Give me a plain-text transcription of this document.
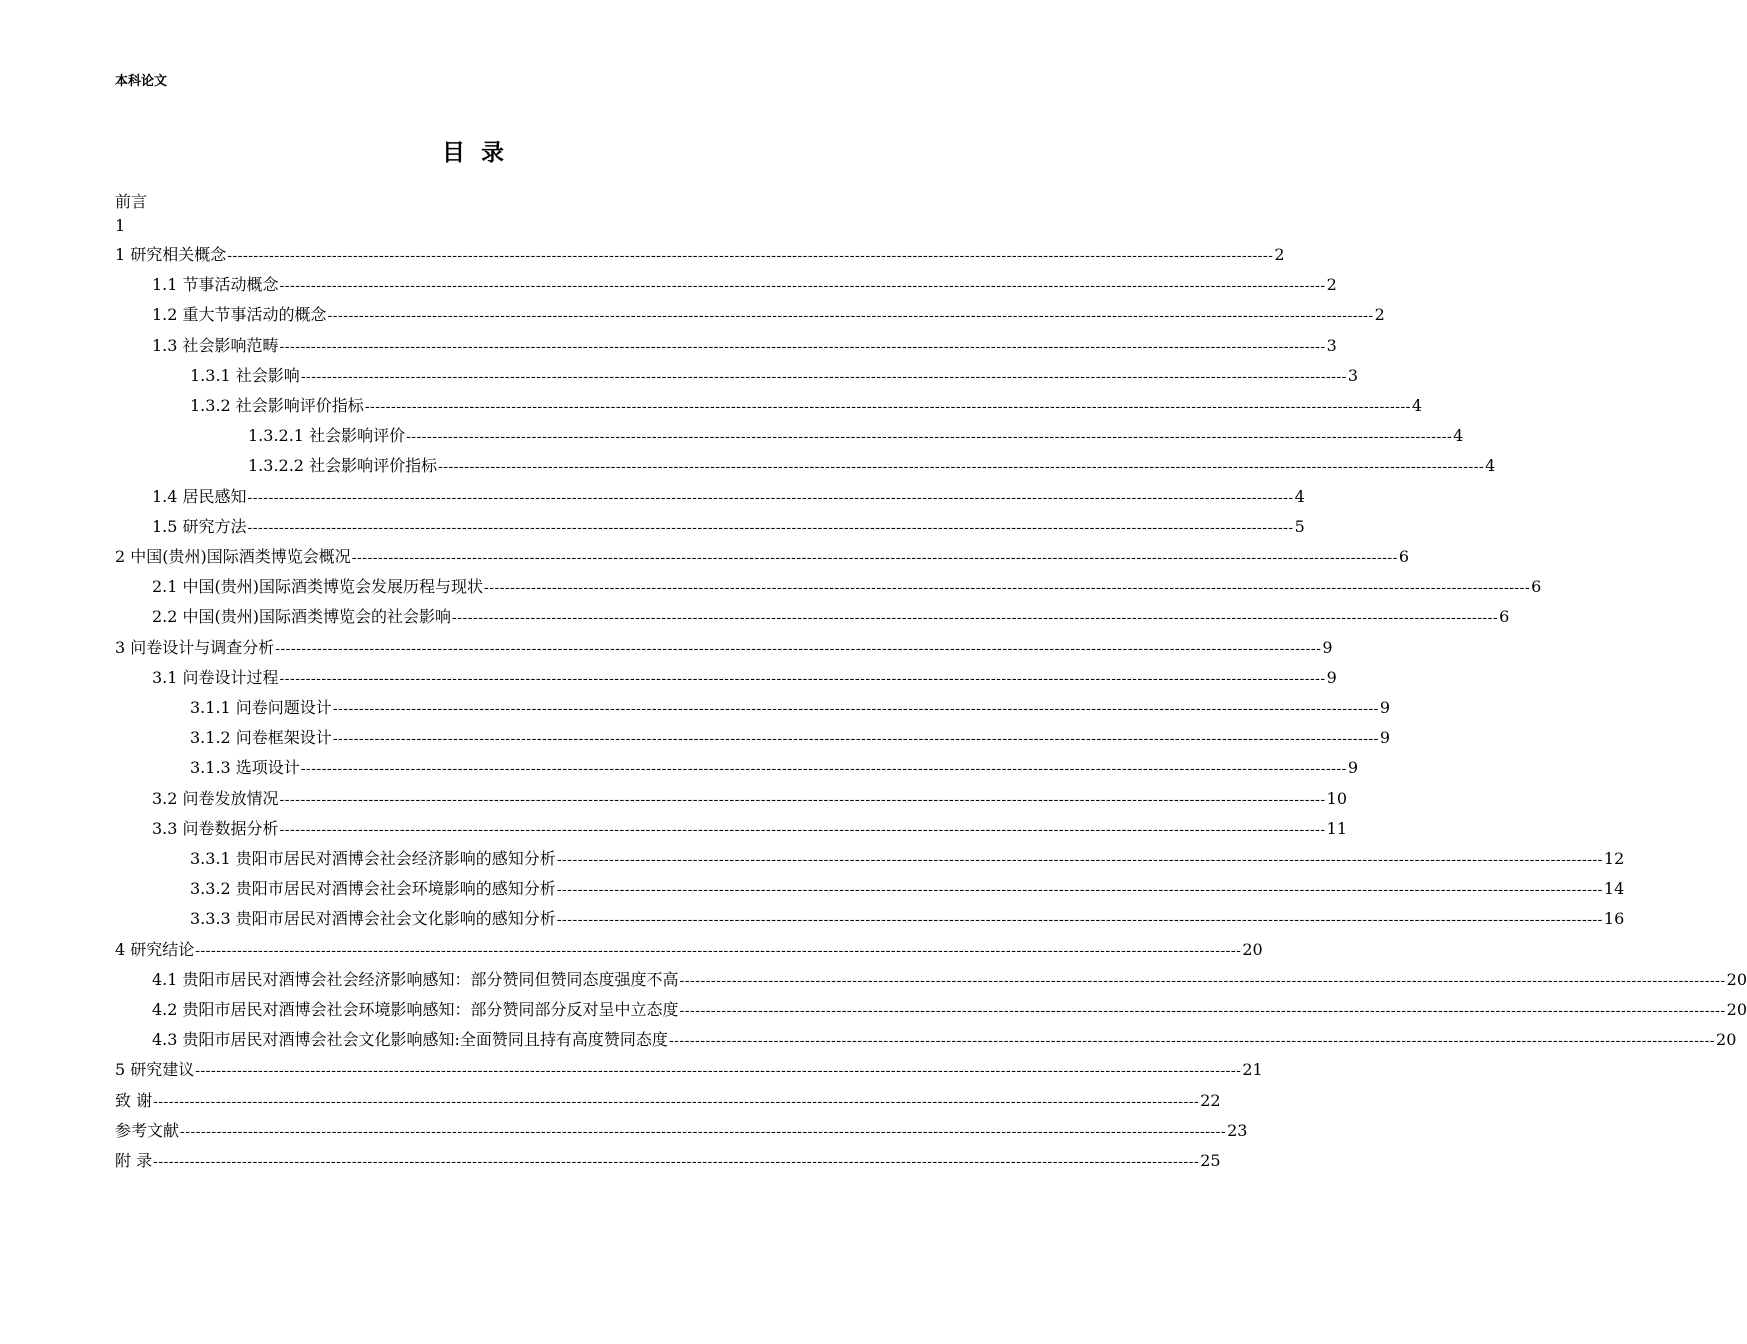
本科论文
目 录
前言
1
1 研究相关概念 -------------------------------------------------------------------------------------------------------------------------------------------------------------------------------------------------------- 2
1.1 节事活动概念 -------------------------------------------------------------------------------------------------------------------------------------------------------------------------------------------------------- 2
1.2 重大节事活动的概念 -------------------------------------------------------------------------------------------------------------------------------------------------------------------------------------------------------- 2
1.3 社会影响范畴 -------------------------------------------------------------------------------------------------------------------------------------------------------------------------------------------------------- 3
1.3.1 社会影响 -------------------------------------------------------------------------------------------------------------------------------------------------------------------------------------------------------- 3
1.3.2 社会影响评价指标 -------------------------------------------------------------------------------------------------------------------------------------------------------------------------------------------------------- 4
1.3.2.1 社会影响评价 -------------------------------------------------------------------------------------------------------------------------------------------------------------------------------------------------------- 4
1.3.2.2 社会影响评价指标 -------------------------------------------------------------------------------------------------------------------------------------------------------------------------------------------------------- 4
1.4 居民感知 -------------------------------------------------------------------------------------------------------------------------------------------------------------------------------------------------------- 4
1.5 研究方法 -------------------------------------------------------------------------------------------------------------------------------------------------------------------------------------------------------- 5
2 中国(贵州)国际酒类博览会概况 -------------------------------------------------------------------------------------------------------------------------------------------------------------------------------------------------------- 6
2.1 中国(贵州)国际酒类博览会发展历程与现状 -------------------------------------------------------------------------------------------------------------------------------------------------------------------------------------------------------- 6
2.2 中国(贵州)国际酒类博览会的社会影响 -------------------------------------------------------------------------------------------------------------------------------------------------------------------------------------------------------- 6
3 问卷设计与调查分析 -------------------------------------------------------------------------------------------------------------------------------------------------------------------------------------------------------- 9
3.1 问卷设计过程 -------------------------------------------------------------------------------------------------------------------------------------------------------------------------------------------------------- 9
3.1.1 问卷问题设计 -------------------------------------------------------------------------------------------------------------------------------------------------------------------------------------------------------- 9
3.1.2 问卷框架设计 -------------------------------------------------------------------------------------------------------------------------------------------------------------------------------------------------------- 9
3.1.3 选项设计 -------------------------------------------------------------------------------------------------------------------------------------------------------------------------------------------------------- 9
3.2 问卷发放情况 -------------------------------------------------------------------------------------------------------------------------------------------------------------------------------------------------------- 10
3.3 问卷数据分析 -------------------------------------------------------------------------------------------------------------------------------------------------------------------------------------------------------- 11
3.3.1 贵阳市居民对酒博会社会经济影响的感知分析 -------------------------------------------------------------------------------------------------------------------------------------------------------------------------------------------------------- 12
3.3.2 贵阳市居民对酒博会社会环境影响的感知分析 -------------------------------------------------------------------------------------------------------------------------------------------------------------------------------------------------------- 14
3.3.3 贵阳市居民对酒博会社会文化影响的感知分析 -------------------------------------------------------------------------------------------------------------------------------------------------------------------------------------------------------- 16
4 研究结论 -------------------------------------------------------------------------------------------------------------------------------------------------------------------------------------------------------- 20
4.1 贵阳市居民对酒博会社会经济影响感知：部分赞同但赞同态度强度不高 -------------------------------------------------------------------------------------------------------------------------------------------------------------------------------------------------------- 20
4.2 贵阳市居民对酒博会社会环境影响感知：部分赞同部分反对呈中立态度 -------------------------------------------------------------------------------------------------------------------------------------------------------------------------------------------------------- 20
4.3 贵阳市居民对酒博会社会文化影响感知:全面赞同且持有高度赞同态度 -------------------------------------------------------------------------------------------------------------------------------------------------------------------------------------------------------- 20
5 研究建议 -------------------------------------------------------------------------------------------------------------------------------------------------------------------------------------------------------- 21
致 谢 -------------------------------------------------------------------------------------------------------------------------------------------------------------------------------------------------------- 22
参考文献 -------------------------------------------------------------------------------------------------------------------------------------------------------------------------------------------------------- 23
附 录 -------------------------------------------------------------------------------------------------------------------------------------------------------------------------------------------------------- 25
